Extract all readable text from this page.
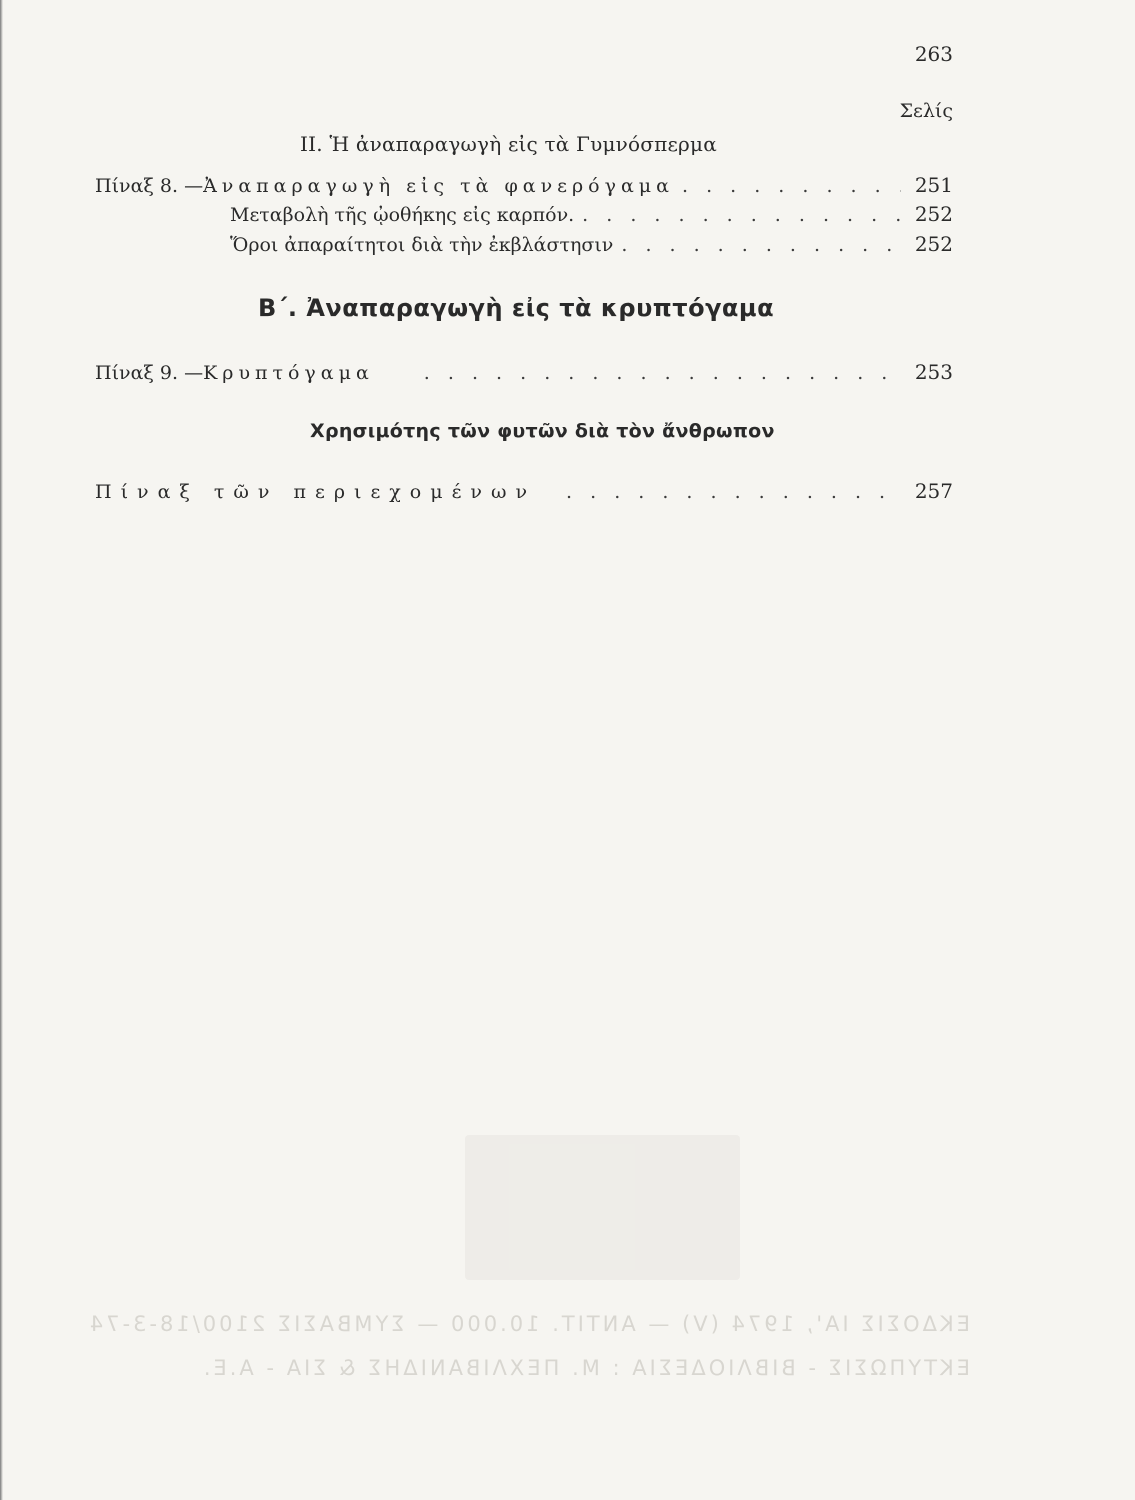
263
Σελίς
II. Ἡ ἀναπαραγωγὴ εἰς τὰ Γυμνόσπερμα
Πίναξ 8. — Ἀναπαραγωγὴ εἰς τὰ φανερόγαμα . . .	251
Μεταβολὴ τῆς ᾠοθήκης εἰς καρπόν. . . .	252
Ὅροι ἀπαραίτητοι διὰ τὴν ἐκβλάστησιν . . .	252
Β΄. Ἀναπαραγωγὴ εἰς τὰ κρυπτόγαμα
Πίναξ 9. — Κρυπτόγαμα . . .	253
Χρησιμότης τῶν φυτῶν διὰ τὸν ἄνθρωπον
Πίναξ τῶν περιεχομένων . . .	257
ΕΚΔΟΣΙΣ ΙΑ', 1974 (V) — ΑΝΤΙΤ. 10.000 — ΣΥΜΒΑΣΙΣ 2100/18-3-74
ΕΚΤΥΠΩΣΙΣ - ΒΙΒΛΙΟΔΕΣΙΑ : Μ. ΠΕΧΛΙΒΑΝΙΔΗΣ & ΣΙΑ - Α.Ε.
